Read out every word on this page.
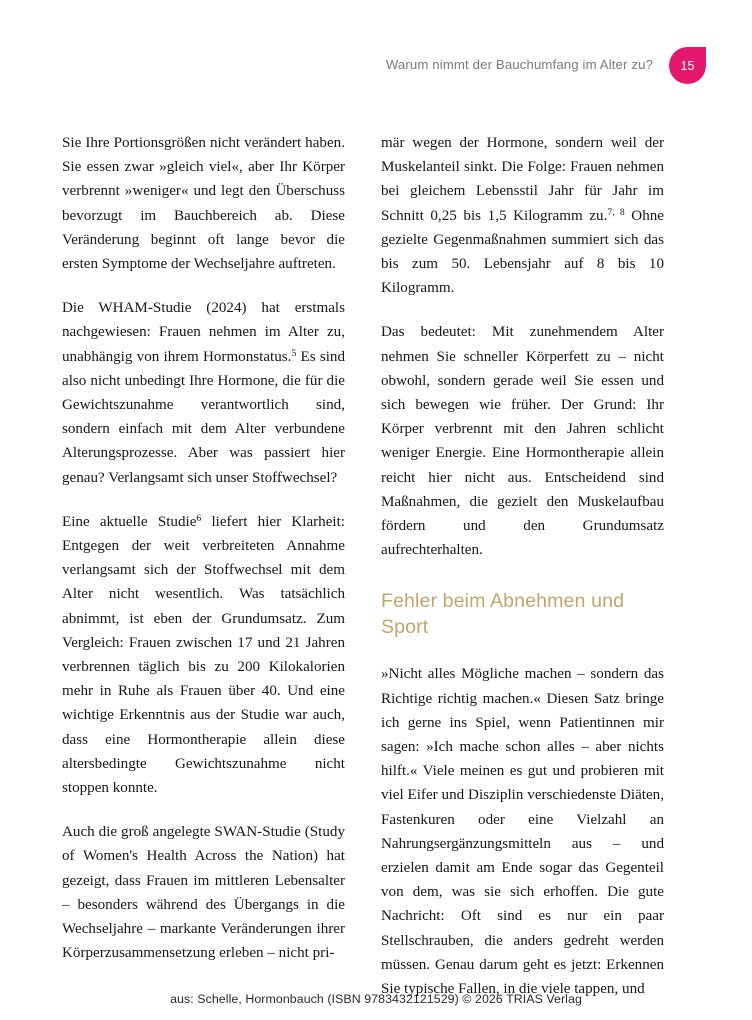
Warum nimmt der Bauchumfang im Alter zu? 15

Sie Ihre Portionsgrößen nicht verändert haben. Sie essen zwar »gleich viel«, aber Ihr Körper verbrennt »weniger« und legt den Überschuss bevorzugt im Bauchbereich ab. Diese Veränderung beginnt oft lange bevor die ersten Symptome der Wechseljahre auftreten.

Die WHAM-Studie (2024) hat erstmals nachgewiesen: Frauen nehmen im Alter zu, unabhängig von ihrem Hormonstatus.$^5$ Es sind also nicht unbedingt Ihre Hormone, die für die Gewichtszunahme verantwortlich sind, sondern einfach mit dem Alter verbundene Alterungsprozesse. Aber was passiert hier genau? Verlangsamt sich unser Stoffwechsel?

Eine aktuelle Studie$^6$ liefert hier Klarheit: Entgegen der weit verbreiteten Annahme verlangsamt sich der Stoffwechsel mit dem Alter nicht wesentlich. Was tatsächlich abnimmt, ist eben der Grundumsatz. Zum Vergleich: Frauen zwischen 17 und 21 Jahren verbrennen täglich bis zu 200 Kilokalorien mehr in Ruhe als Frauen über 40. Und eine wichtige Erkenntnis aus der Studie war auch, dass eine Hormontherapie allein diese altersbedingte Gewichtszunahme nicht stoppen konnte.

Auch die groß angelegte SWAN-Studie (Study of Women's Health Across the Nation) hat gezeigt, dass Frauen im mittleren Lebensalter – besonders während des Übergangs in die Wechseljahre – markante Veränderungen ihrer Körperzusammensetzung erleben – nicht pri-

mär wegen der Hormone, sondern weil der Muskelanteil sinkt. Die Folge: Frauen nehmen bei gleichem Lebensstil Jahr für Jahr im Schnitt 0,25 bis 1,5 Kilogramm zu.$^{7, 8}$ Ohne gezielte Gegenmaßnahmen summiert sich das bis zum 50. Lebensjahr auf 8 bis 10 Kilogramm.

Das bedeutet: Mit zunehmendem Alter nehmen Sie schneller Körperfett zu – nicht obwohl, sondern gerade weil Sie essen und sich bewegen wie früher. Der Grund: Ihr Körper verbrennt mit den Jahren schlicht weniger Energie. Eine Hormontherapie allein reicht hier nicht aus. Entscheidend sind Maßnahmen, die gezielt den Muskelaufbau fördern und den Grundumsatz aufrechterhalten.

Fehler beim Abnehmen und Sport

»Nicht alles Mögliche machen – sondern das Richtige richtig machen.« Diesen Satz bringe ich gerne ins Spiel, wenn Patientinnen mir sagen: »Ich mache schon alles – aber nichts hilft.« Viele meinen es gut und probieren mit viel Eifer und Disziplin verschiedenste Diäten, Fastenkuren oder eine Vielzahl an Nahrungsergänzungsmitteln aus – und erzielen damit am Ende sogar das Gegenteil von dem, was sie sich erhoffen. Die gute Nachricht: Oft sind es nur ein paar Stellschrauben, die anders gedreht werden müssen. Genau darum geht es jetzt: Erkennen Sie typische Fallen, in die viele tappen, und

aus: Schelle, Hormonbauch (ISBN 9783432121529) © 2026 TRIAS Verlag
